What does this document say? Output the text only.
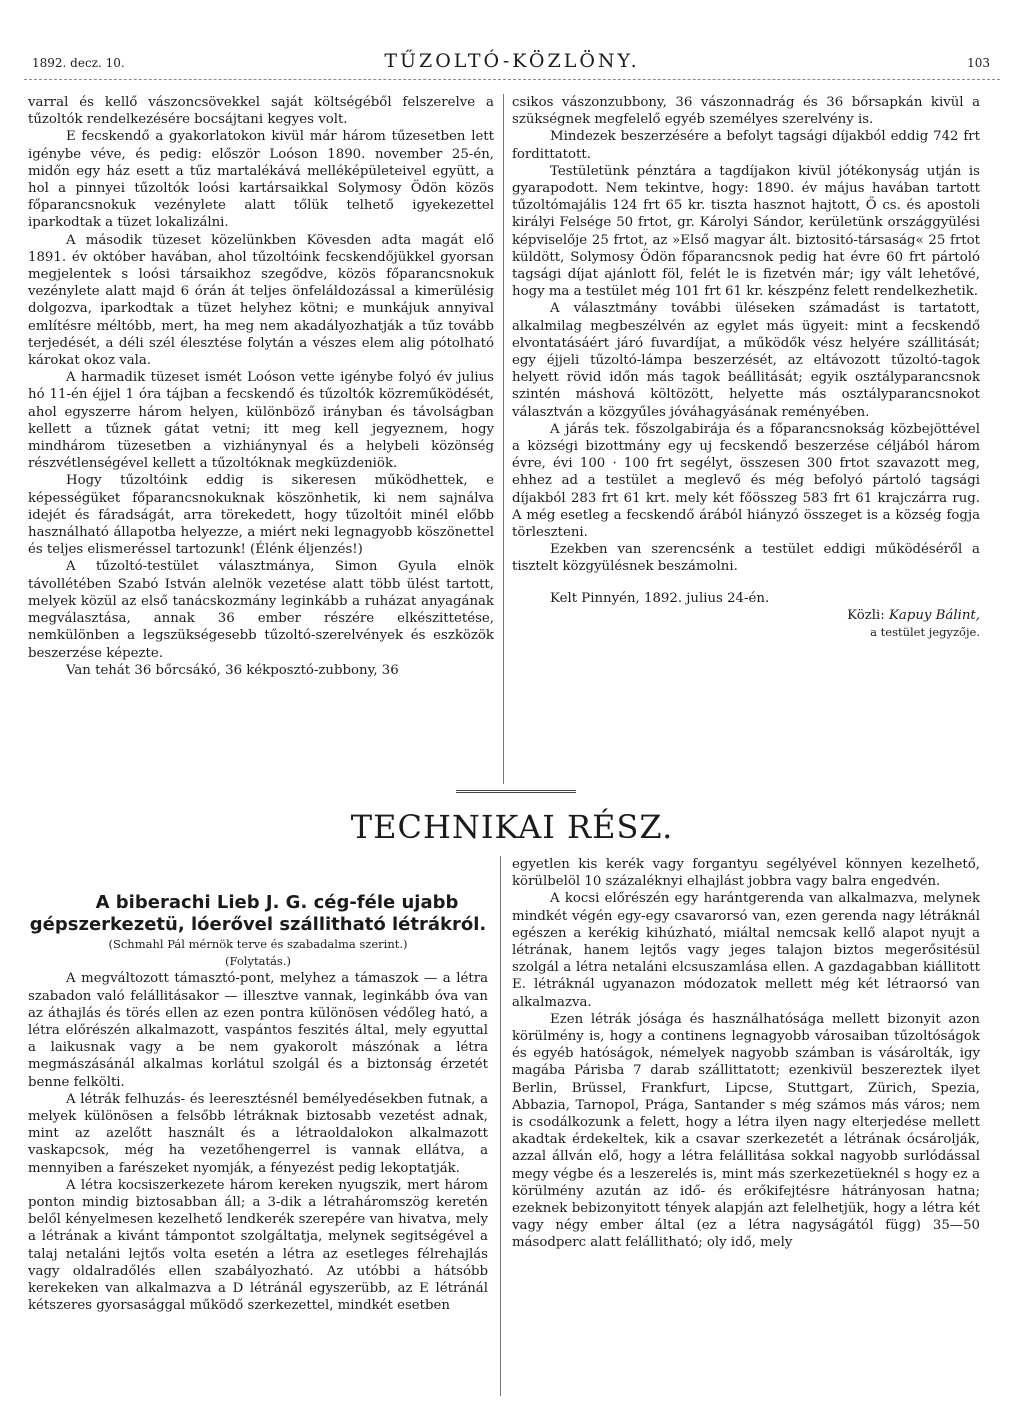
1892. decz. 10.	TŰZOLTÓ-KÖZLÖNY.	103

varral és kellő vászoncsövekkel saját költségéből felszerelve a tűzoltók rendelkezésére bocsájtani kegyes volt.

E fecskendő a gyakorlatokon kivül már három tűzesetben lett igénybe véve, és pedig: először Loóson 1890. november 25-én, midőn egy ház esett a tűz martalékává melléképületeivel együtt, a hol a pinnyei tűzoltók loósi kartársaikkal Solymosy Ödön közös főparancsnokuk vezénylete alatt tőlük telhető igyekezettel iparkodtak a tüzet lokalizálni.

A második tüzeset közelünkben Kövesden adta magát elő 1891. év október havában, ahol tűzoltóink fecskendőjükkel gyorsan megjelentek s loósi társaikhoz szegődve, közös főparancsnokuk vezénylete alatt majd 6 órán át teljes önfeláldozással a kimerülésig dolgozva, iparkodtak a tüzet helyhez kötni; e munkájuk annyival említésre méltóbb, mert, ha meg nem akadályozhatják a tűz tovább terjedését, a déli szél élesztése folytán a vészes elem alig pótolható károkat okoz vala.

A harmadik tüzeset ismét Loóson vette igénybe folyó év julius hó 11-én éjjel 1 óra tájban a fecskendő és tűzoltók közreműködését, ahol egyszerre három helyen, különböző irányban és távolságban kellett a tűznek gátat vetni; itt meg kell jegyeznem, hogy mindhárom tüzesetben a vizhiánynyal és a helybeli közönség részvétlenségével kellett a tűzoltóknak megküzdeniök.

Hogy tűzoltóink eddig is sikeresen működhettek, e képességüket főparancsnokuknak köszönhetik, ki nem sajnálva idejét és fáradságát, arra törekedett, hogy tűzoltóit minél előbb használható állapotba helyezze, a miért neki legnagyobb köszönettel és teljes elismeréssel tartozunk! (Élénk éljenzés!)

A tűzoltó-testület választmánya, Simon Gyula elnök távollétében Szabó István alelnök vezetése alatt több ülést tartott, melyek közül az első tanácskozmány leginkább a ruházat anyagának megválasztása, annak 36 ember részére elkészittetése, nemkülönben a legszükségesebb tűzoltó-szerelvények és eszközök beszerzése képezte.

Van tehát 36 bőrcsákó, 36 kékposztó-zubbony, 36

csikos vászonzubbony, 36 vászonnadrág és 36 bőrsapkán kivül a szükségnek megfelelő egyéb személyes szerelvény is.

Mindezek beszerzésére a befolyt tagsági díjakból eddig 742 frt fordittatott.

Testületünk pénztára a tagdíjakon kivül jótékonyság utján is gyarapodott. Nem tekintve, hogy: 1890. év május havában tartott tűzoltómajális 124 frt 65 kr. tiszta hasznot hajtott, Ő cs. és apostoli királyi Felsége 50 frtot, gr. Károlyi Sándor, kerületünk országgyülési képviselője 25 frtot, az »Első magyar ált. biztositó-társaság« 25 frtot küldött, Solymosy Ödön főparancsnok pedig hat évre 60 frt pártoló tagsági díjat ajánlott föl, felét le is fizetvén már; igy vált lehetővé, hogy ma a testület még 101 frt 61 kr. készpénz felett rendelkezhetik.

A választmány további üléseken számadást is tartatott, alkalmilag megbeszélvén az egylet más ügyeit: mint a fecskendő elvontatásáért járó fuvardíjat, a működők vész helyére szállitását; egy éjjeli tűzoltó-lámpa beszerzését, az eltávozott tűzoltó-tagok helyett rövid időn más tagok beállitását; egyik osztályparancsnok szintén máshová költözött, helyette más osztályparancsnokot választván a közgyűles jóváhagyásának reményében.

A járás tek. főszolgabirája és a főparancsnokság közbejöttével a községi bizottmány egy uj fecskendő beszerzése céljából három évre, évi 100 · 100 frt segélyt, összesen 300 frtot szavazott meg, ehhez ad a testület a meglevő és még befolyó pártoló tagsági díjakból 283 frt 61 krt. mely két főösszeg 583 frt 61 krajczárra rug. A még esetleg a fecskendő árából hiányzó összeget is a község fogja törleszteni.

Ezekben van szerencsénk a testület eddigi működéséről a tisztelt közgyülésnek beszámolni.

Kelt Pinnyén, 1892. julius 24-én.

Közli: Kapuy Bálint,

a testület jegyzője.

TECHNIKAI RÉSZ.

A biberachi Lieb J. G. cég-féle ujabb gépszerkezetü, lóerővel szállitható létrákról.

(Schmahl Pál mérnök terve és szabadalma szerint.)

(Folytatás.)

A megváltozott támasztó-pont, melyhez a támaszok — a létra szabadon való felállitásakor — illesztve vannak, leginkább óva van az áthajlás és törés ellen az ezen pontra különösen védőleg ható, a létra előrészén alkalmazott, vaspántos feszités által, mely egyuttal a laikusnak vagy a be nem gyakorolt mászónak a létra megmászásánál alkalmas korlátul szolgál és a biztonság érzetét benne felkölti.

A létrák felhuzás- és leeresztésnél bemélyedésekben futnak, a melyek különösen a felsőbb létráknak biztosabb vezetést adnak, mint az azelőtt használt és a létraoldalokon alkalmazott vaskapcsok, még ha vezetőhengerrel is vannak ellátva, a mennyiben a farészeket nyomják, a fényezést pedig lekoptatják.

A létra kocsiszerkezete három kereken nyugszik, mert három ponton mindig biztosabban áll; a 3-dik a létraháromszög keretén belől kényelmesen kezelhető lendkerék szerepére van hivatva, mely a létrának a kivánt támpontot szolgáltatja, melynek segitségével a talaj netaláni lejtős volta esetén a létra az esetleges félrehajlás vagy oldalradőlés ellen szabályozható. Az utóbbi a hátsóbb kerekeken van alkalmazva a D létránál egyszerübb, az E létránál kétszeres gyorsasággal működő szerkezettel, mindkét esetben

egyetlen kis kerék vagy forgantyu segélyével könnyen kezelhető, körülbelöl 10 százaléknyi elhajlást jobbra vagy balra engedvén.

A kocsi előrészén egy harántgerenda van alkalmazva, melynek mindkét végén egy-egy csavarorsó van, ezen gerenda nagy létráknál egészen a kerékig kihúzható, miáltal nemcsak kellő alapot nyujt a létrának, hanem lejtős vagy jeges talajon biztos megerősitésül szolgál a létra netaláni elcsuszamlása ellen. A gazdagabban kiállitott E. létráknál ugyanazon módozatok mellett még két létraorsó van alkalmazva.

Ezen létrák jósága és használhatósága mellett bizonyit azon körülmény is, hogy a continens legnagyobb városaiban tűzoltóságok és egyéb hatóságok, némelyek nagyobb számban is vásárolták, igy magába Párisba 7 darab szállittatott; ezenkivül beszereztek ilyet Berlin, Brüssel, Frankfurt, Lipcse, Stuttgart, Zürich, Spezia, Abbazia, Tarnopol, Prága, Santander s még számos más város; nem is csodálkozunk a felett, hogy a létra ilyen nagy elterjedése mellett akadtak érdekeltek, kik a csavar szerkezetét a létrának ócsárolják, azzal állván elő, hogy a létra felállitása sokkal nagyobb surlódással megy végbe és a leszerelés is, mint más szerkezetüeknél s hogy ez a körülmény azután az idő- és erőkifejtésre hátrányosan hatna; ezeknek bebizonyitott tények alapján azt felelhetjük, hogy a létra két vagy négy ember által (ez a létra nagyságától függ) 35—50 másodperc alatt felállitható; oly idő, mely
